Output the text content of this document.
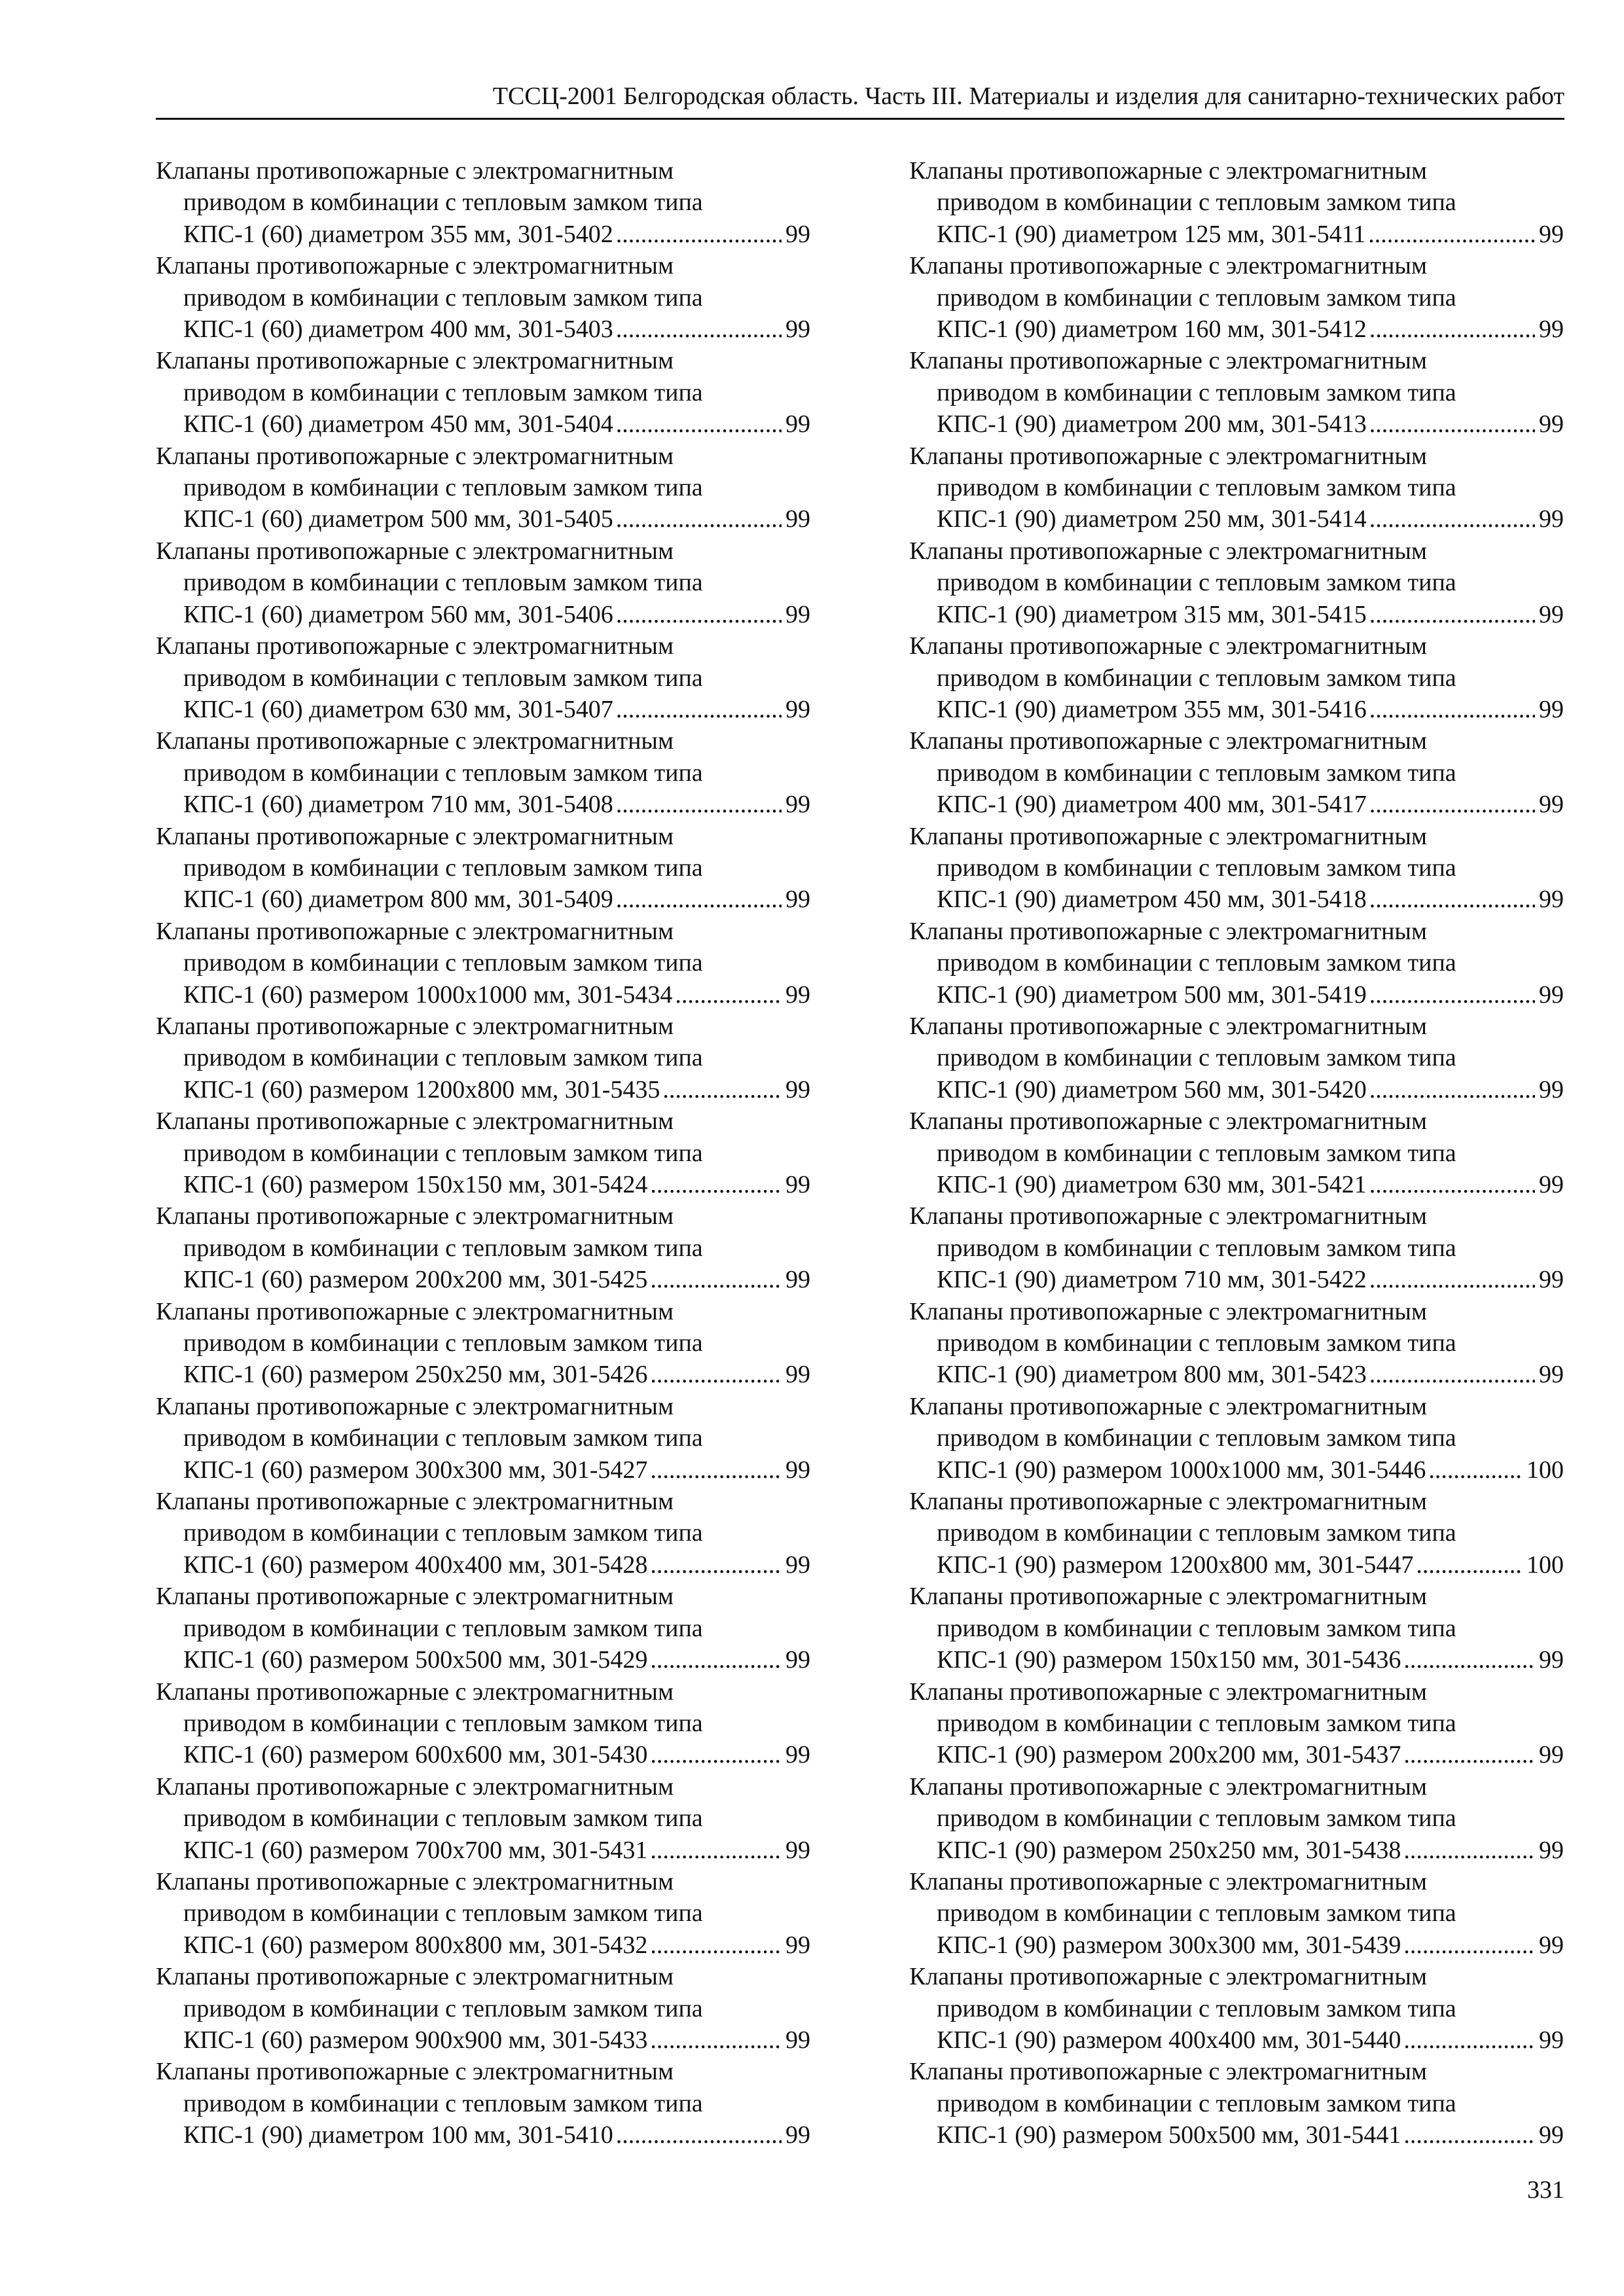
ТССЦ-2001 Белгородская область. Часть III. Материалы и изделия для санитарно-технических работ
Клапаны противопожарные с электромагнитным
приводом в комбинации с тепловым замком типа
КПС-1 (60) диаметром 355 мм, 301-5402 .....	99
Клапаны противопожарные с электромагнитным
приводом в комбинации с тепловым замком типа
КПС-1 (60) диаметром 400 мм, 301-5403 .....	99
Клапаны противопожарные с электромагнитным
приводом в комбинации с тепловым замком типа
КПС-1 (60) диаметром 450 мм, 301-5404 .....	99
Клапаны противопожарные с электромагнитным
приводом в комбинации с тепловым замком типа
КПС-1 (60) диаметром 500 мм, 301-5405 .....	99
Клапаны противопожарные с электромагнитным
приводом в комбинации с тепловым замком типа
КПС-1 (60) диаметром 560 мм, 301-5406 .....	99
Клапаны противопожарные с электромагнитным
приводом в комбинации с тепловым замком типа
КПС-1 (60) диаметром 630 мм, 301-5407 .....	99
Клапаны противопожарные с электромагнитным
приводом в комбинации с тепловым замком типа
КПС-1 (60) диаметром 710 мм, 301-5408 .....	99
Клапаны противопожарные с электромагнитным
приводом в комбинации с тепловым замком типа
КПС-1 (60) диаметром 800 мм, 301-5409 .....	99
Клапаны противопожарные с электромагнитным
приводом в комбинации с тепловым замком типа
КПС-1 (60) размером 1000х1000 мм, 301-5434 .....	99
Клапаны противопожарные с электромагнитным
приводом в комбинации с тепловым замком типа
КПС-1 (60) размером 1200х800 мм, 301-5435 .....	99
Клапаны противопожарные с электромагнитным
приводом в комбинации с тепловым замком типа
КПС-1 (60) размером 150х150 мм, 301-5424 .....	99
Клапаны противопожарные с электромагнитным
приводом в комбинации с тепловым замком типа
КПС-1 (60) размером 200х200 мм, 301-5425 .....	99
Клапаны противопожарные с электромагнитным
приводом в комбинации с тепловым замком типа
КПС-1 (60) размером 250х250 мм, 301-5426 .....	99
Клапаны противопожарные с электромагнитным
приводом в комбинации с тепловым замком типа
КПС-1 (60) размером 300х300 мм, 301-5427 .....	99
Клапаны противопожарные с электромагнитным
приводом в комбинации с тепловым замком типа
КПС-1 (60) размером 400х400 мм, 301-5428 .....	99
Клапаны противопожарные с электромагнитным
приводом в комбинации с тепловым замком типа
КПС-1 (60) размером 500х500 мм, 301-5429 .....	99
Клапаны противопожарные с электромагнитным
приводом в комбинации с тепловым замком типа
КПС-1 (60) размером 600х600 мм, 301-5430 .....	99
Клапаны противопожарные с электромагнитным
приводом в комбинации с тепловым замком типа
КПС-1 (60) размером 700х700 мм, 301-5431 .....	99
Клапаны противопожарные с электромагнитным
приводом в комбинации с тепловым замком типа
КПС-1 (60) размером 800х800 мм, 301-5432 .....	99
Клапаны противопожарные с электромагнитным
приводом в комбинации с тепловым замком типа
КПС-1 (60) размером 900х900 мм, 301-5433 .....	99
Клапаны противопожарные с электромагнитным
приводом в комбинации с тепловым замком типа
КПС-1 (90) диаметром 100 мм, 301-5410 .....	99
Клапаны противопожарные с электромагнитным
приводом в комбинации с тепловым замком типа
КПС-1 (90) диаметром 125 мм, 301-5411 .....	99
Клапаны противопожарные с электромагнитным
приводом в комбинации с тепловым замком типа
КПС-1 (90) диаметром 160 мм, 301-5412 .....	99
Клапаны противопожарные с электромагнитным
приводом в комбинации с тепловым замком типа
КПС-1 (90) диаметром 200 мм, 301-5413 .....	99
Клапаны противопожарные с электромагнитным
приводом в комбинации с тепловым замком типа
КПС-1 (90) диаметром 250 мм, 301-5414 .....	99
Клапаны противопожарные с электромагнитным
приводом в комбинации с тепловым замком типа
КПС-1 (90) диаметром 315 мм, 301-5415 .....	99
Клапаны противопожарные с электромагнитным
приводом в комбинации с тепловым замком типа
КПС-1 (90) диаметром 355 мм, 301-5416 .....	99
Клапаны противопожарные с электромагнитным
приводом в комбинации с тепловым замком типа
КПС-1 (90) диаметром 400 мм, 301-5417 .....	99
Клапаны противопожарные с электромагнитным
приводом в комбинации с тепловым замком типа
КПС-1 (90) диаметром 450 мм, 301-5418 .....	99
Клапаны противопожарные с электромагнитным
приводом в комбинации с тепловым замком типа
КПС-1 (90) диаметром 500 мм, 301-5419 .....	99
Клапаны противопожарные с электромагнитным
приводом в комбинации с тепловым замком типа
КПС-1 (90) диаметром 560 мм, 301-5420 .....	99
Клапаны противопожарные с электромагнитным
приводом в комбинации с тепловым замком типа
КПС-1 (90) диаметром 630 мм, 301-5421 .....	99
Клапаны противопожарные с электромагнитным
приводом в комбинации с тепловым замком типа
КПС-1 (90) диаметром 710 мм, 301-5422 .....	99
Клапаны противопожарные с электромагнитным
приводом в комбинации с тепловым замком типа
КПС-1 (90) диаметром 800 мм, 301-5423 .....	99
Клапаны противопожарные с электромагнитным
приводом в комбинации с тепловым замком типа
КПС-1 (90) размером 1000х1000 мм, 301-5446 .....	100
Клапаны противопожарные с электромагнитным
приводом в комбинации с тепловым замком типа
КПС-1 (90) размером 1200х800 мм, 301-5447 .....	100
Клапаны противопожарные с электромагнитным
приводом в комбинации с тепловым замком типа
КПС-1 (90) размером 150х150 мм, 301-5436 .....	99
Клапаны противопожарные с электромагнитным
приводом в комбинации с тепловым замком типа
КПС-1 (90) размером 200х200 мм, 301-5437 .....	99
Клапаны противопожарные с электромагнитным
приводом в комбинации с тепловым замком типа
КПС-1 (90) размером 250х250 мм, 301-5438 .....	99
Клапаны противопожарные с электромагнитным
приводом в комбинации с тепловым замком типа
КПС-1 (90) размером 300х300 мм, 301-5439 .....	99
Клапаны противопожарные с электромагнитным
приводом в комбинации с тепловым замком типа
КПС-1 (90) размером 400х400 мм, 301-5440 .....	99
Клапаны противопожарные с электромагнитным
приводом в комбинации с тепловым замком типа
КПС-1 (90) размером 500х500 мм, 301-5441 .....	99
331
